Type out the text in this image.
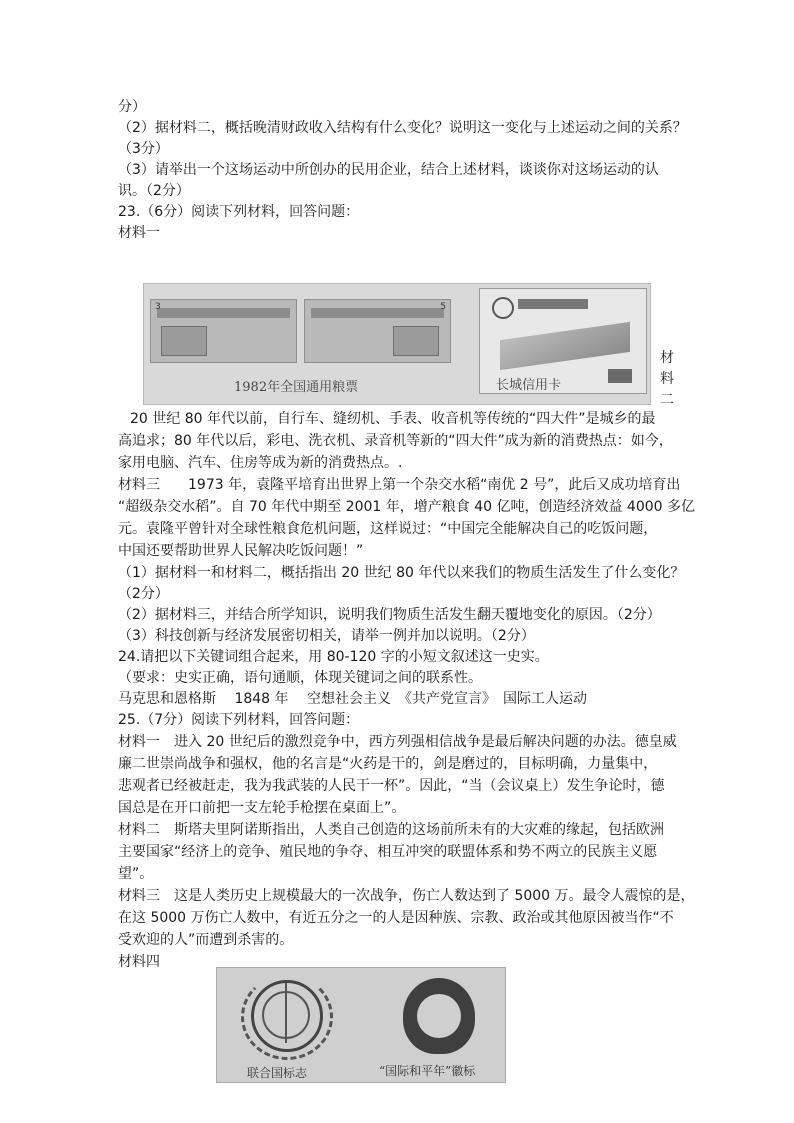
分）
（2）据材料二，概括晚清财政收入结构有什么变化？说明这一变化与上述运动之间的关系？
（3分）
（3）请举出一个这场运动中所创办的民用企业，结合上述材料，谈谈你对这场运动的认
识。（2分）
23.（6分）阅读下列材料，回答问题：
材料一
3	5
1982年全国通用粮票	长城信用卡
材
料
二
20 世纪 80 年代以前，自行车、缝纫机、手表、收音机等传统的“四大件”是城乡的最
高追求；80 年代以后，彩电、洗衣机、录音机等新的“四大件”成为新的消费热点：如今，
家用电脑、汽车、住房等成为新的消费热点。.
材料三　　1973 年，袁隆平培育出世界上第一个杂交水稻“南优 2 号”，此后又成功培育出
“超级杂交水稻”。自 70 年代中期至 2001 年，增产粮食 40 亿吨，创造经济效益 4000 多亿
元。袁隆平曾针对全球性粮食危机问题，这样说过：“中国完全能解决自己的吃饭问题，
中国还要帮助世界人民解决吃饭问题！”
（1）据材料一和材料二，概括指出 20 世纪 80 年代以来我们的物质生活发生了什么变化？
（2分）
（2）据材料三，并结合所学知识，说明我们物质生活发生翻天覆地变化的原因。（2分）
（3）科技创新与经济发展密切相关，请举一例并加以说明。（2分）
24.请把以下关键词组合起来，用 80-120 字的小短文叙述这一史实。
（要求：史实正确，语句通顺，体现关键词之间的联系性。
马克思和恩格斯　 1848 年　 空想社会主义　《共产党宣言》　国际工人运动
25.（7分）阅读下列材料，回答问题：
材料一　进入 20 世纪后的激烈竞争中，西方列强相信战争是最后解决问题的办法。德皇威
廉二世崇尚战争和强权，他的名言是“火药是干的，剑是磨过的，目标明确，力量集中，
悲观者已经被赶走，我为我武装的人民干一杯”。因此，“当（会议桌上）发生争论时，德
国总是在开口前把一支左轮手枪摆在桌面上”。
材料二　斯塔夫里阿诺斯指出，人类自己创造的这场前所未有的大灾难的缘起，包括欧洲
主要国家“经济上的竞争、殖民地的争夺、相互冲突的联盟体系和势不两立的民族主义愿
望”。
材料三　这是人类历史上规模最大的一次战争，伤亡人数达到了 5000 万。最令人震惊的是，
在这 5000 万伤亡人数中，有近五分之一的人是因种族、宗教、政治或其他原因被当作“不
受欢迎的人”而遭到杀害的。
材料四
联合国标志	“国际和平年”徽标
